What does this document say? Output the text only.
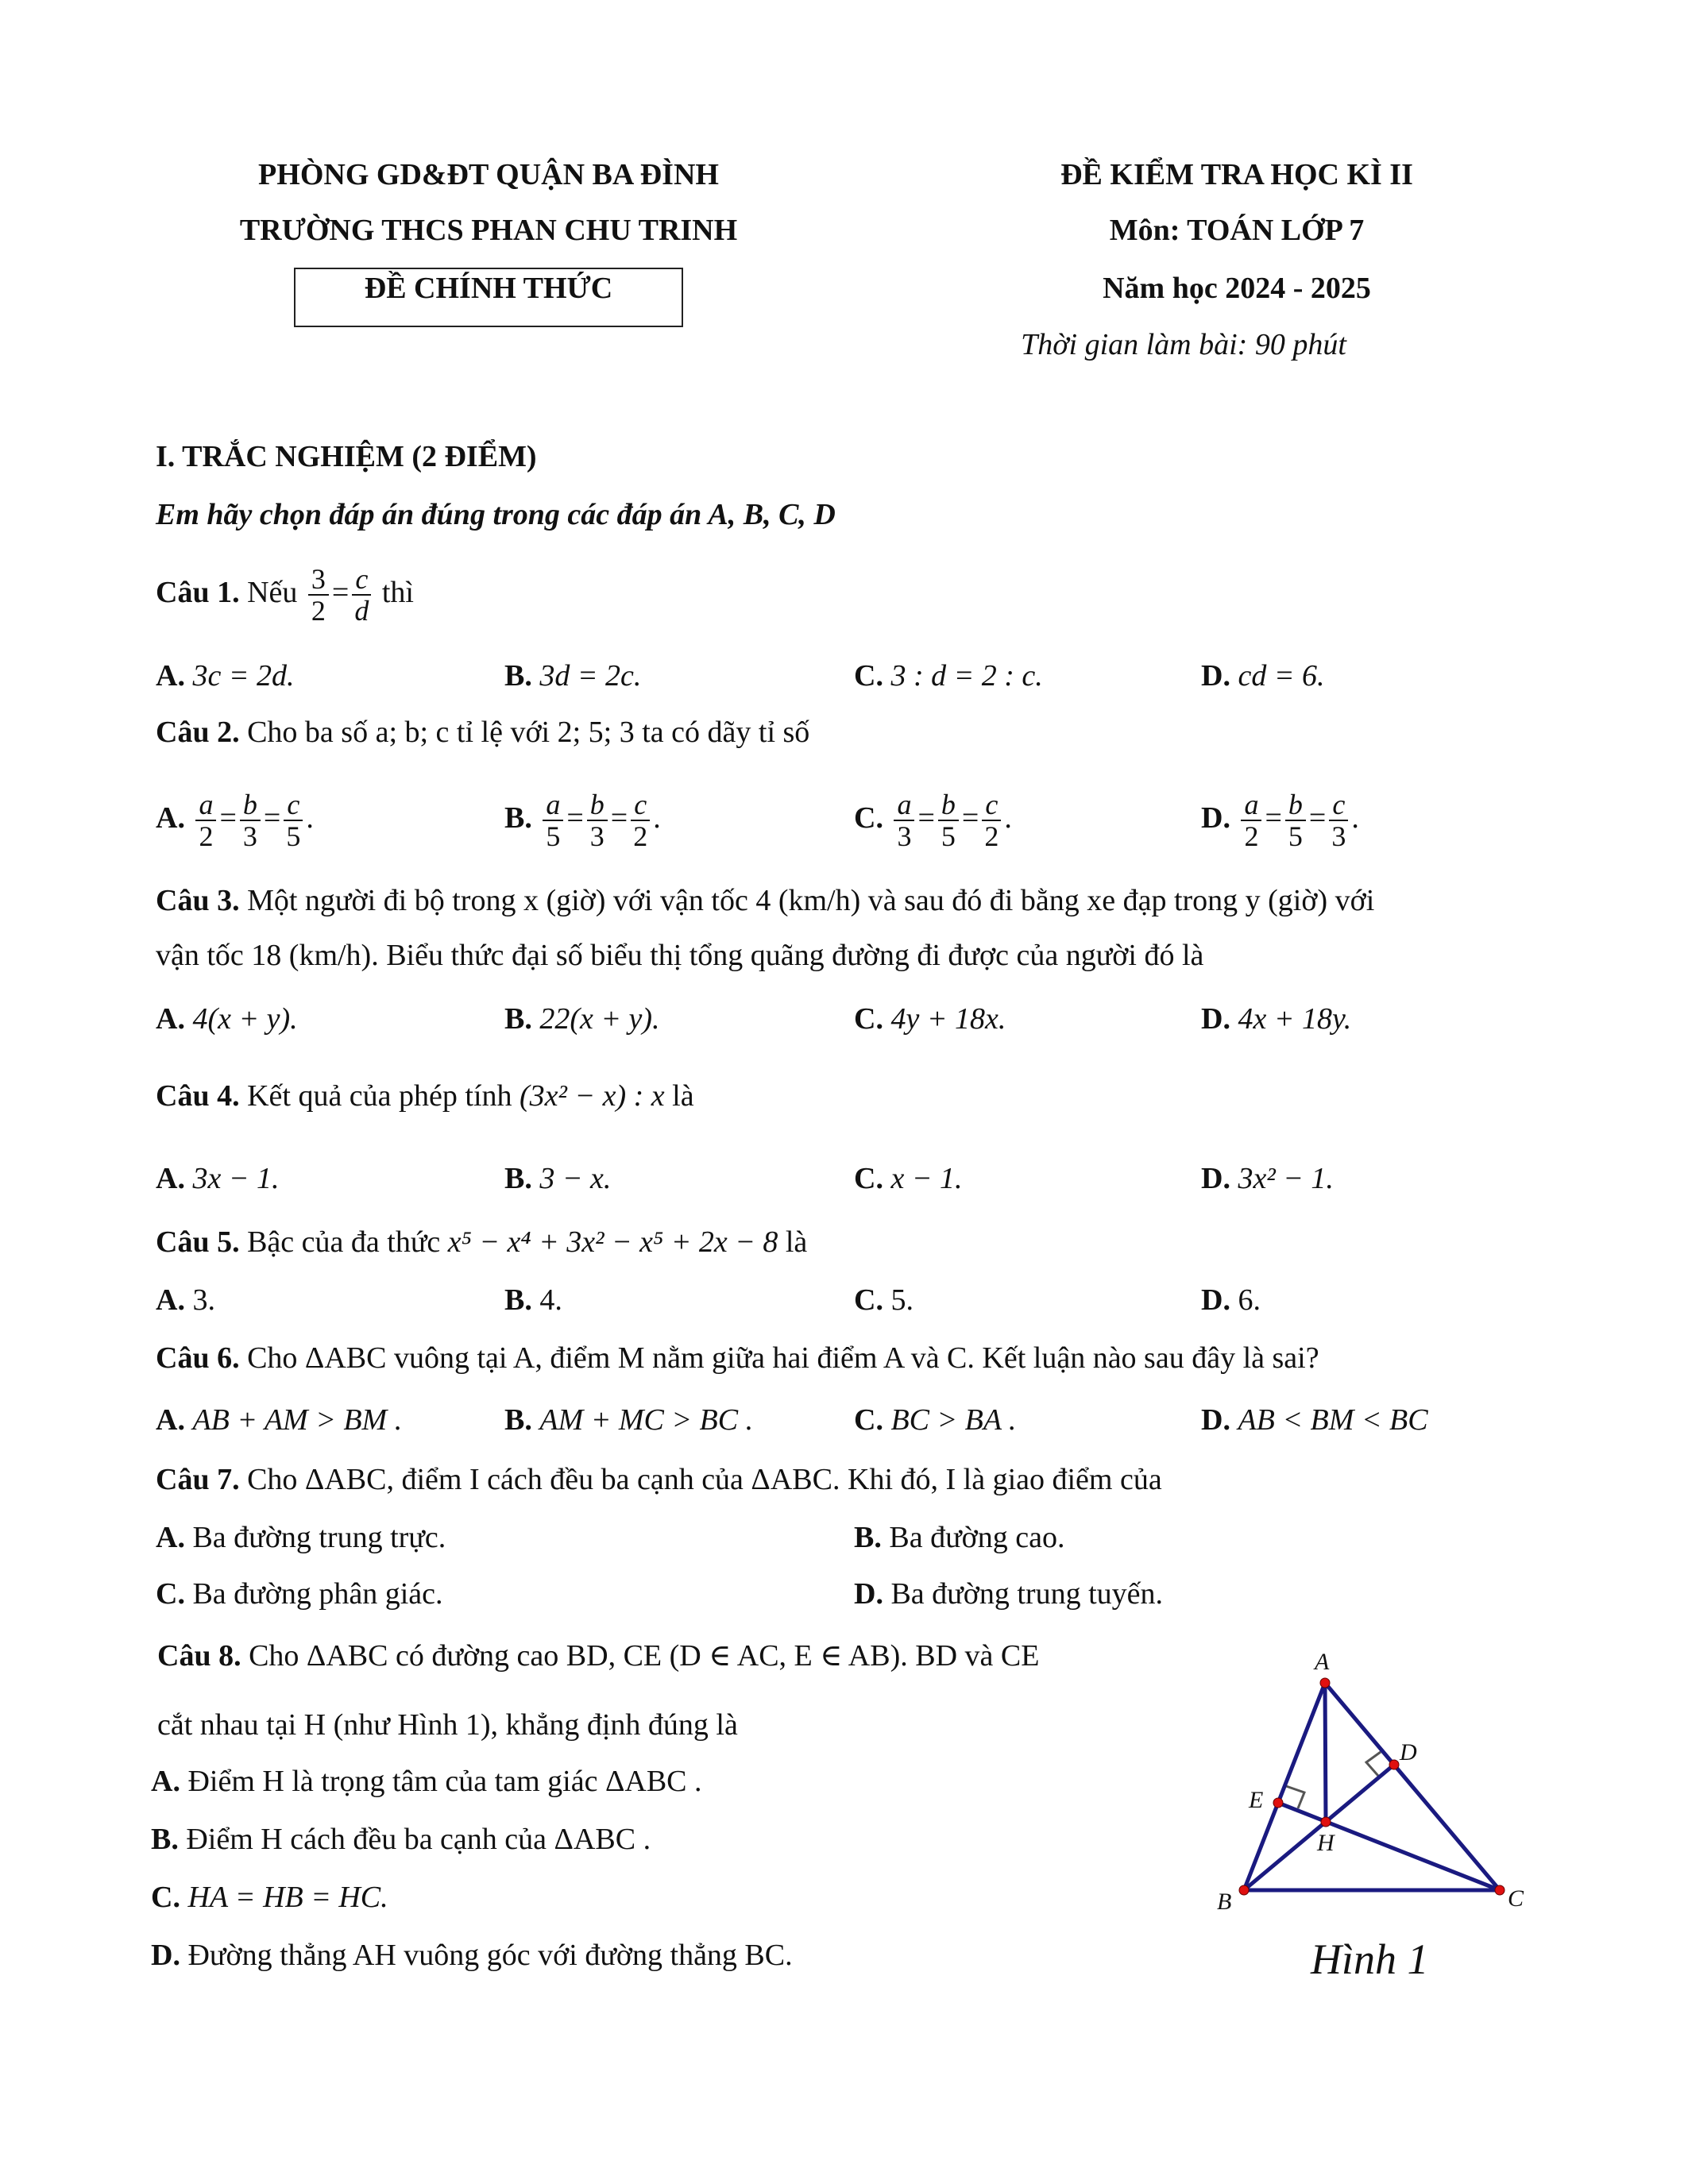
PHÒNG GD&ĐT QUẬN BA ĐÌNH
TRƯỜNG THCS PHAN CHU TRINH
ĐỀ CHÍNH THỨC
ĐỀ KIỂM TRA HỌC KÌ II
Môn: TOÁN LỚP 7
Năm học 2024 - 2025
Thời gian làm bài: 90 phút
I. TRẮC NGHIỆM (2 ĐIỂM)
Em hãy chọn đáp án đúng trong các đáp án A, B, C, D
Câu 1. Nếu $\frac{3}{2} = \frac{c}{d}$ thì
A. 3c = 2d.	B. 3d = 2c.	C. 3 : d = 2 : c.	D. cd = 6.
Câu 2. Cho ba số a; b; c tỉ lệ với 2; 5; 3 ta có dãy tỉ số
A. $\frac{a}{2} = \frac{b}{3} = \frac{c}{5}$ .	B. $\frac{a}{5} = \frac{b}{3} = \frac{c}{2}$ .	C. $\frac{a}{3} = \frac{b}{5} = \frac{c}{2}$ .	D. $\frac{a}{2} = \frac{b}{5} = \frac{c}{3}$ .
Câu 3. Một người đi bộ trong x (giờ) với vận tốc 4 (km/h) và sau đó đi bằng xe đạp trong y (giờ) với
vận tốc 18 (km/h). Biểu thức đại số biểu thị tổng quãng đường đi được của người đó là
A. 4(x + y).	B. 22(x + y).	C. 4y + 18x.	D. 4x + 18y.
Câu 4. Kết quả của phép tính (3x² − x) : x là
A. 3x − 1.	B. 3 − x.	C. x − 1.	D. 3x² − 1.
Câu 5. Bậc của đa thức x⁵ − x⁴ + 3x² − x⁵ + 2x − 8 là
A. 3.	B. 4.	C. 5.	D. 6.
Câu 6. Cho ΔABC vuông tại A, điểm M nằm giữa hai điểm A và C. Kết luận nào sau đây là sai?
A. AB + AM > BM .	B. AM + MC > BC .	C. BC > BA .	D. AB < BM < BC
Câu 7. Cho ΔABC, điểm I cách đều ba cạnh của ΔABC. Khi đó, I là giao điểm của
A. Ba đường trung trực.	B. Ba đường cao.
C. Ba đường phân giác.	D. Ba đường trung tuyến.
Câu 8. Cho ΔABC có đường cao BD, CE (D ∈ AC, E ∈ AB). BD và CE
cắt nhau tại H (như Hình 1), khẳng định đúng là
A. Điểm H là trọng tâm của tam giác ΔABC .
B. Điểm H cách đều ba cạnh của ΔABC .
C. HA = HB = HC.
D. Đường thẳng AH vuông góc với đường thẳng BC.
A
B	C
D
E
H
Hình 1
